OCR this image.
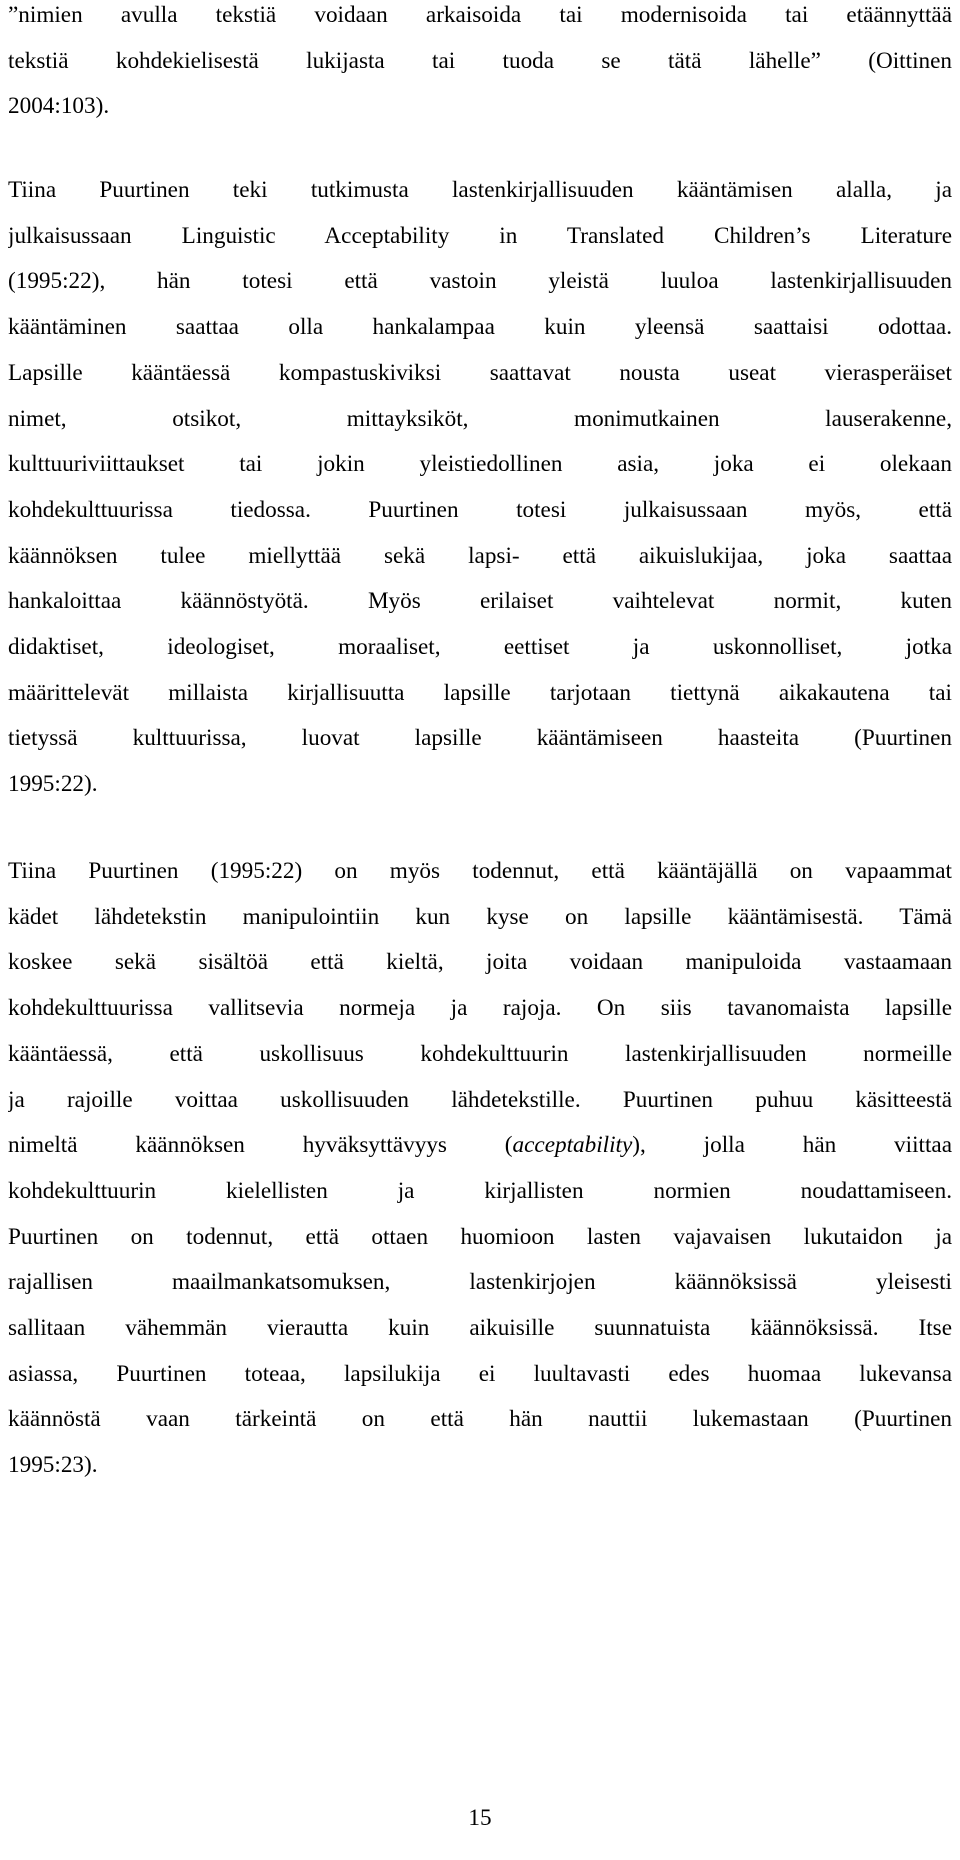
”nimien avulla tekstiä voidaan arkaisoida tai modernisoida tai etäännyttää
tekstiä kohdekielisestä lukijasta tai tuoda se tätä lähelle” (Oittinen
2004:103).
Tiina Puurtinen teki tutkimusta lastenkirjallisuuden kääntämisen alalla, ja
julkaisussaan Linguistic Acceptability in Translated Children’s Literature
(1995:22), hän totesi että vastoin yleistä luuloa lastenkirjallisuuden
kääntäminen saattaa olla hankalampaa kuin yleensä saattaisi odottaa.
Lapsille kääntäessä kompastuskiviksi saattavat nousta useat vierasperäiset
nimet, otsikot, mittayksiköt, monimutkainen lauserakenne,
kulttuuriviittaukset tai jokin yleistiedollinen asia, joka ei olekaan
kohdekulttuurissa tiedossa. Puurtinen totesi julkaisussaan myös, että
käännöksen tulee miellyttää sekä lapsi- että aikuislukijaa, joka saattaa
hankaloittaa käännöstyötä. Myös erilaiset vaihtelevat normit, kuten
didaktiset, ideologiset, moraaliset, eettiset ja uskonnolliset, jotka
määrittelevät millaista kirjallisuutta lapsille tarjotaan tiettynä aikakautena tai
tietyssä kulttuurissa, luovat lapsille kääntämiseen haasteita (Puurtinen
1995:22).
Tiina Puurtinen (1995:22) on myös todennut, että kääntäjällä on vapaammat
kädet lähdetekstin manipulointiin kun kyse on lapsille kääntämisestä. Tämä
koskee sekä sisältöä että kieltä, joita voidaan manipuloida vastaamaan
kohdekulttuurissa vallitsevia normeja ja rajoja. On siis tavanomaista lapsille
kääntäessä, että uskollisuus kohdekulttuurin lastenkirjallisuuden normeille
ja rajoille voittaa uskollisuuden lähdetekstille. Puurtinen puhuu käsitteestä
nimeltä käännöksen hyväksyttävyys (acceptability), jolla hän viittaa
kohdekulttuurin kielellisten ja kirjallisten normien noudattamiseen.
Puurtinen on todennut, että ottaen huomioon lasten vajavaisen lukutaidon ja
rajallisen maailmankatsomuksen, lastenkirjojen käännöksissä yleisesti
sallitaan vähemmän vierautta kuin aikuisille suunnatuista käännöksissä. Itse
asiassa, Puurtinen toteaa, lapsilukija ei luultavasti edes huomaa lukevansa
käännöstä vaan tärkeintä on että hän nauttii lukemastaan (Puurtinen
1995:23).
15
